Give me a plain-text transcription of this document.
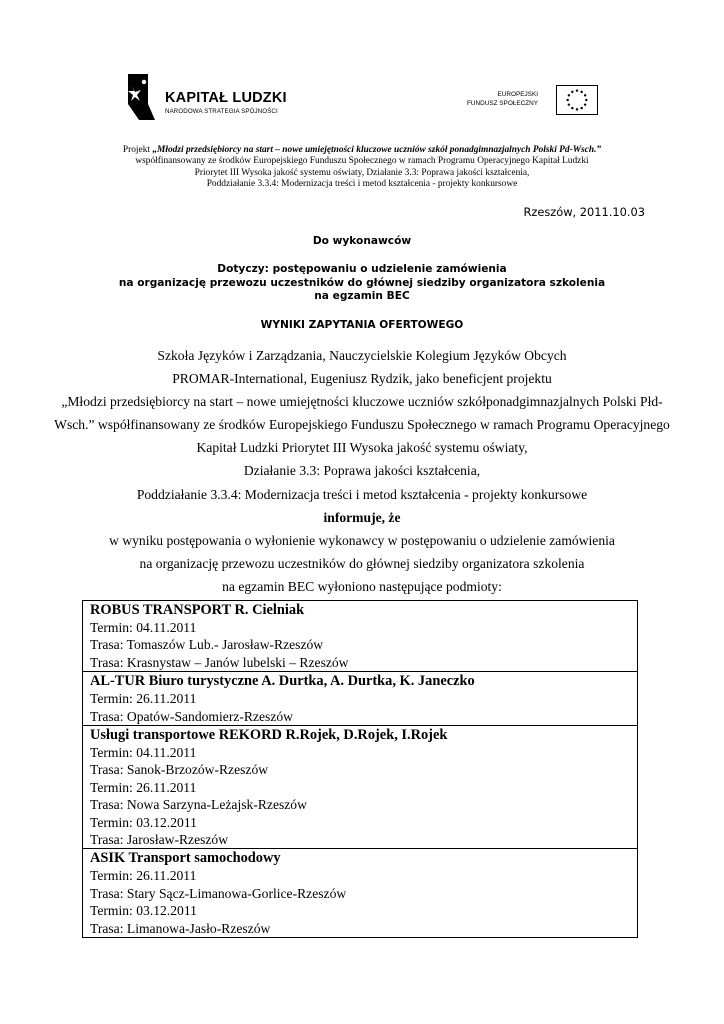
KAPITAŁ LUDZKI
NARODOWA STRATEGIA SPÓJNOŚCI
EUROPEJSKI
FUNDUSZ SPOŁECZNY
Projekt „Młodzi przedsiębiorcy na start – nowe umiejętności kluczowe uczniów szkół ponadgimnazjalnych Polski Pd-Wsch.”
współfinansowany ze środków Europejskiego Funduszu Społecznego w ramach Programu Operacyjnego Kapitał Ludzki
Priorytet III Wysoka jakość systemu oświaty, Działanie 3.3: Poprawa jakości kształcenia,
Poddziałanie 3.3.4: Modernizacja treści i metod kształcenia - projekty konkursowe
Rzeszów, 2011.10.03
Do wykonawców
Dotyczy: postępowaniu o udzielenie zamówienia
na organizację przewozu uczestników do głównej siedziby organizatora szkolenia
na egzamin BEC
WYNIKI ZAPYTANIA OFERTOWEGO
Szkoła Języków i Zarządzania, Nauczycielskie Kolegium Języków Obcych
PROMAR-International, Eugeniusz Rydzik, jako beneficjent projektu
„Młodzi przedsiębiorcy na start – nowe umiejętności kluczowe uczniów szkółponadgimnazjalnych Polski Płd-
Wsch.” współfinansowany ze środków Europejskiego Funduszu Społecznego w ramach Programu Operacyjnego
Kapitał Ludzki Priorytet III Wysoka jakość systemu oświaty,
Działanie 3.3: Poprawa jakości kształcenia,
Poddziałanie 3.3.4: Modernizacja treści i metod kształcenia - projekty konkursowe
informuje, że
w wyniku postępowania o wyłonienie wykonawcy w postępowaniu o udzielenie zamówienia
na organizację przewozu uczestników do głównej siedziby organizatora szkolenia
na egzamin BEC wyłoniono następujące podmioty:
ROBUS TRANSPORT R. Cielniak
Termin: 04.11.2011
Trasa: Tomaszów Lub.- Jarosław-Rzeszów
Trasa: Krasnystaw – Janów lubelski – Rzeszów

AL-TUR Biuro turystyczne A. Durtka, A. Durtka, K. Janeczko
Termin: 26.11.2011
Trasa: Opatów-Sandomierz-Rzeszów

Usługi transportowe REKORD R.Rojek, D.Rojek, I.Rojek
Termin: 04.11.2011
Trasa: Sanok-Brzozów-Rzeszów
Termin: 26.11.2011
Trasa: Nowa Sarzyna-Leżajsk-Rzeszów
Termin: 03.12.2011
Trasa: Jarosław-Rzeszów

ASIK Transport samochodowy
Termin: 26.11.2011
Trasa: Stary Sącz-Limanowa-Gorlice-Rzeszów
Termin: 03.12.2011
Trasa: Limanowa-Jasło-Rzeszów
